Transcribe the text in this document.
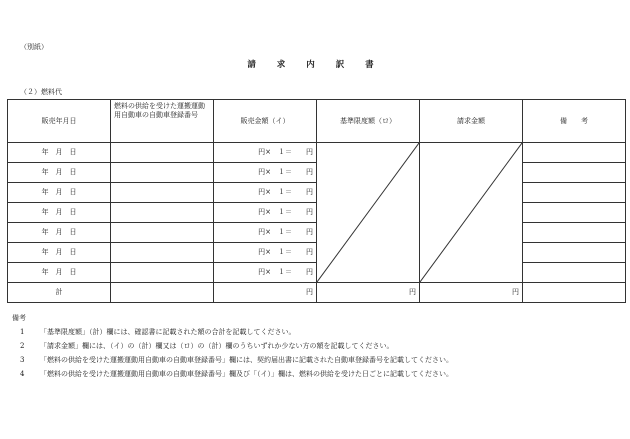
（別紙）
請 求 内 訳 書
（２）燃料代
販売年月日	燃料の供給を受けた運搬運動用自動車の自動車登録番号	販売金額（イ）	基準限度額（ロ）	請求金額	備　　考
年　月　日		円×　１＝　　円	

年　月　日		円×　１＝　　円			
年　月　日		円×　１＝　　円			
年　月　日		円×　１＝　　円			
年　月　日		円×　１＝　　円			
年　月　日		円×　１＝　　円			
年　月　日		円×　１＝　　円			
計		円	円	円	
備考
1 「基準限度額」（計）欄には、確認書に記載された額の合計を記載してください。
2 「請求金額」欄には、（イ）の（計）欄又は（ロ）の（計）欄のうちいずれか少ない方の額を記載してください。
3 「燃料の供給を受けた運搬運動用自動車の自動車登録番号」欄には、契約届出書に記載された自動車登録番号を記載してください。
4 「燃料の供給を受けた運搬運動用自動車の自動車登録番号」欄及び「（イ）」欄は、燃料の供給を受けた日ごとに記載してください。
